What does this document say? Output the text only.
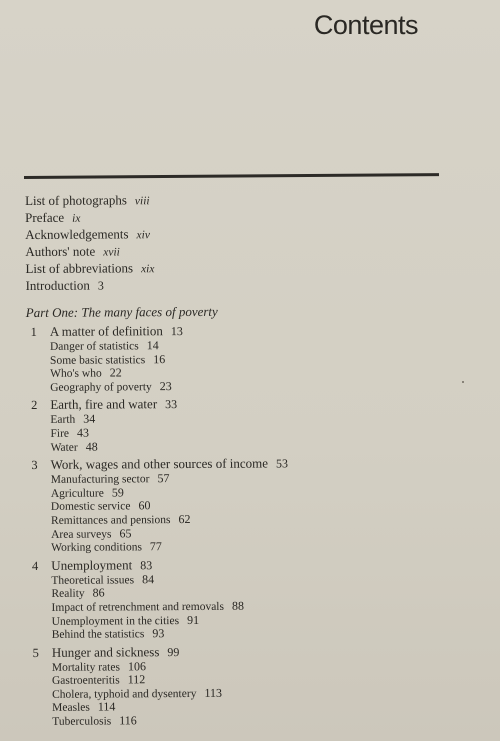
Contents
List of photographs viii
Preface ix
Acknowledgements xiv
Authors' note xvii
List of abbreviations xix
Introduction 3
Part One: The many faces of poverty
1 A matter of definition 13
Danger of statistics 14
Some basic statistics 16
Who's who 22
Geography of poverty 23
2 Earth, fire and water 33
Earth 34
Fire 43
Water 48
3 Work, wages and other sources of income 53
Manufacturing sector 57
Agriculture 59
Domestic service 60
Remittances and pensions 62
Area surveys 65
Working conditions 77
4 Unemployment 83
Theoretical issues 84
Reality 86
Impact of retrenchment and removals 88
Unemployment in the cities 91
Behind the statistics 93
5 Hunger and sickness 99
Mortality rates 106
Gastroenteritis 112
Cholera, typhoid and dysentery 113
Measles 114
Tuberculosis 116
